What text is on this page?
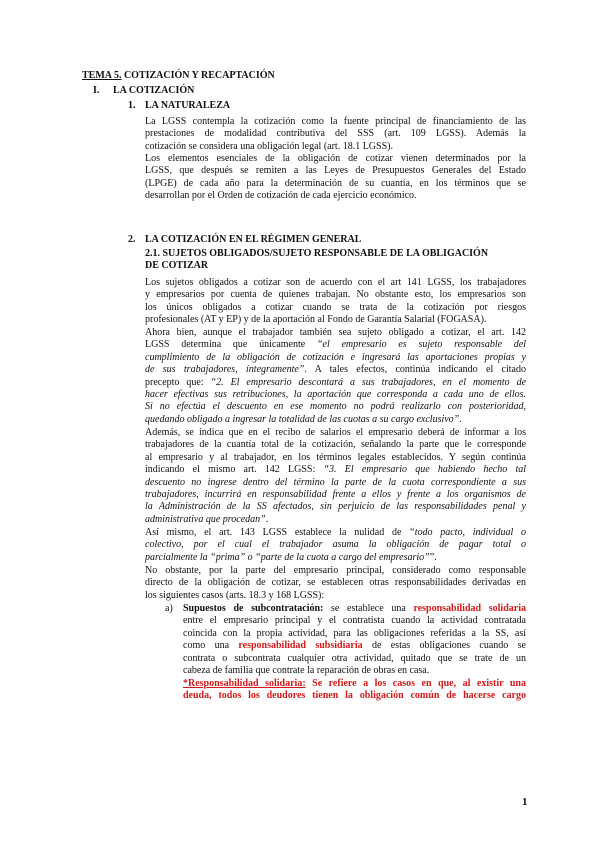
TEMA 5. COTIZACIÓN Y RECAPTACIÓN
I. LA COTIZACIÓN
1. LA NATURALEZA
La LGSS contempla la cotización como la fuente principal de financiamiento de las
prestaciones de modalidad contributiva del SSS (art. 109 LGSS). Además la
cotización se considera una obligación legal (art. 18.1 LGSS).
Los elementos esenciales de la obligación de cotizar vienen determinados por la
LGSS, que después se remiten a las Leyes de Presupuestos Generales del Estado
(LPGE) de cada año para la determinación de su cuantía, en los términos que se
desarrollan por el Orden de cotización de cada ejercicio económico.
2. LA COTIZACIÓN EN EL RÉGIMEN GENERAL
2.1. SUJETOS OBLIGADOS/SUJETO RESPONSABLE DE LA OBLIGACIÓN
DE COTIZAR
Los sujetos obligados a cotizar son de acuerdo con el art 141 LGSS, los trabajadores
y empresarios por cuenta de quienes trabajan. No obstante esto, los empresarios son
los únicos obligados a cotizar cuando se trata de la cotización por riesgos
profesionales (AT y EP) y de la aportación al Fondo de Garantía Salarial (FOGASA).
Ahora bien, aunque el trabajador también sea sujeto obligado a cotizar, el art. 142
LGSS determina que únicamente “el empresario es sujeto responsable del
cumplimiento de la obligación de cotización e ingresará las aportaciones propias y
de sus trabajadores, íntegramente”. A tales efectos, continúa indicando el citado
precepto que: “2. El empresario descontará a sus trabajadores, en el momento de
hacer efectivas sus retribuciones, la aportación que corresponda a cada uno de ellos.
Si no efectúa el descuento en ese momento no podrá realizarlo con posterioridad,
quedando obligado a ingresar la totalidad de las cuotas a su cargo exclusivo”.
Además, se indica que en el recibo de salarios el empresario deberá de informar a los
trabajadores de la cuantía total de la cotización, señalando la parte que le corresponde
al empresario y al trabajador, en los términos legales establecidos. Y según continúa
indicando el mismo art. 142 LGSS: “3. El empresario que habiendo hecho tal
descuento no ingrese dentro del término la parte de la cuota correspondiente a sus
trabajadores, incurrirá en responsabilidad frente a ellos y frente a los organismos de
la Administración de la SS afectados, sin perjuicio de las responsabilidades penal y
administrativa que procedan”.
Así mismo, el art. 143 LGSS establece la nulidad de “todo pacto, individual o
colectivo, por el cual el trabajador asuma la obligación de pagar total o
parcialmente la “prima” o “parte de la cuota a cargo del empresario””.
No obstante, por la parte del empresario principal, considerado como responsable
directo de la obligación de cotizar, se establecen otras responsabilidades derivadas en
los siguientes casos (arts. 18.3 y 168 LGSS):
a) Supuestos de subcontratación: se establece una responsabilidad solidaria
entre el empresario principal y el contratista cuando la actividad contratada
coincida con la propia actividad, para las obligaciones referidas a la SS, así
como una responsabilidad subsidiaria de estas obligaciones cuando se
contrata o subcontrata cualquier otra actividad, quitado que se trate de un
cabeza de familia que contrate la reparación de obras en casa.
*Responsabilidad solidaria: Se refiere a los casos en que, al existir una
deuda, todos los deudores tienen la obligación común de hacerse cargo
1
